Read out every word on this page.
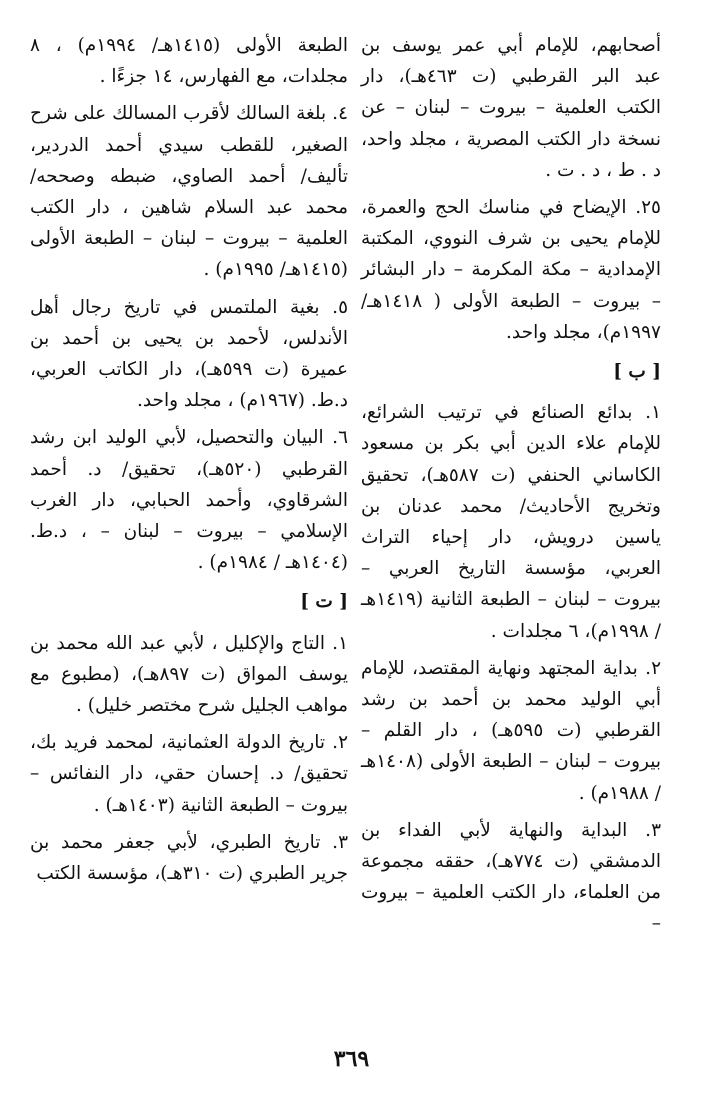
أصحابهم، للإمام أبي عمر يوسف بن عبد البر القرطبي (ت ٤٦٣هـ)، دار الكتب العلمية – بيروت – لبنان – عن نسخة دار الكتب المصرية ، مجلد واحد، د . ط ، د . ت .

٢٥. الإيضاح في مناسك الحج والعمرة، للإمام يحيى بن شرف النووي، المكتبة الإمدادية – مكة المكرمة – دار البشائر – بيروت – الطبعة الأولى ( ١٤١٨هـ/ ١٩٩٧م)، مجلد واحد.

[ ب ]

١. بدائع الصنائع في ترتيب الشرائع، للإمام علاء الدين أبي بكر بن مسعود الكاساني الحنفي (ت ٥٨٧هـ)، تحقيق وتخريج الأحاديث/ محمد عدنان بن ياسين درويش، دار إحياء التراث العربي، مؤسسة التاريخ العربي – بيروت – لبنان – الطبعة الثانية (١٤١٩هـ / ١٩٩٨م)، ٦ مجلدات .

٢. بداية المجتهد ونهاية المقتصد، للإمام أبي الوليد محمد بن أحمد بن رشد القرطبي (ت ٥٩٥هـ) ، دار القلم – بيروت – لبنان – الطبعة الأولى (١٤٠٨هـ / ١٩٨٨م) .

٣. البداية والنهاية لأبي الفداء بن الدمشقي (ت ٧٧٤هـ)، حققه مجموعة من العلماء، دار الكتب العلمية – بيروت –

الطبعة الأولى (١٤١٥هـ/ ١٩٩٤م) ، ٨ مجلدات، مع الفهارس، ١٤ جزءًا .

٤. بلغة السالك لأقرب المسالك على شرح الصغير، للقطب سيدي أحمد الدردير، تأليف/ أحمد الصاوي، ضبطه وصححه/ محمد عبد السلام شاهين ، دار الكتب العلمية – بيروت – لبنان – الطبعة الأولى (١٤١٥هـ/ ١٩٩٥م) .

٥. بغية الملتمس في تاريخ رجال أهل الأندلس، لأحمد بن يحيى بن أحمد بن عميرة (ت ٥٩٩هـ)، دار الكاتب العربي، د.ط. (١٩٦٧م) ، مجلد واحد.

٦. البيان والتحصيل، لأبي الوليد ابن رشد القرطبي (٥٢٠هـ)، تحقيق/ د. أحمد الشرقاوي، وأحمد الحبابي، دار الغرب الإسلامي – بيروت – لبنان – ، د.ط. (١٤٠٤هـ / ١٩٨٤م) .

[ ت ]

١. التاج والإكليل ، لأبي عبد الله محمد بن يوسف المواق (ت ٨٩٧هـ)، (مطبوع مع مواهب الجليل شرح مختصر خليل) .

٢. تاريخ الدولة العثمانية، لمحمد فريد بك، تحقيق/ د. إحسان حقي، دار النفائس – بيروت – الطبعة الثانية (١٤٠٣هـ) .

٣. تاريخ الطبري، لأبي جعفر محمد بن جرير الطبري (ت ٣١٠هـ)، مؤسسة الكتب

٣٦٩
